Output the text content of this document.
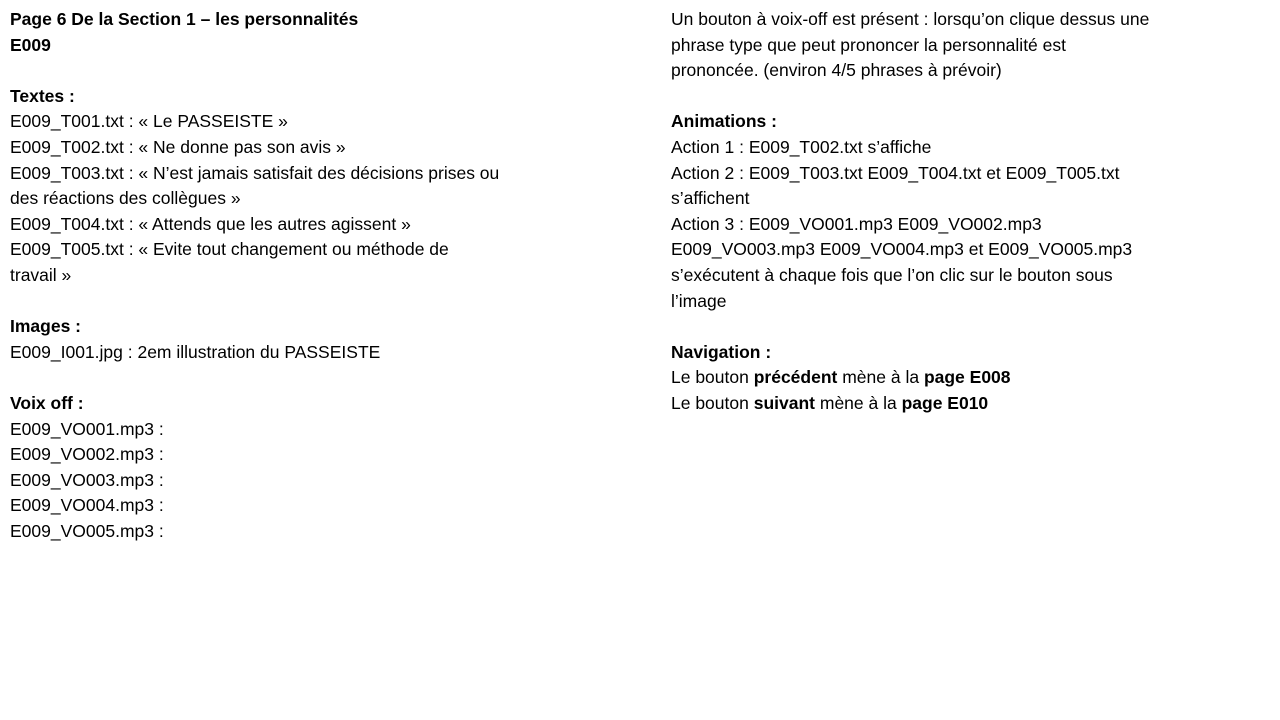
Page 6 De la Section 1 – les personnalités
E009
Textes :
E009_T001.txt : « Le PASSEISTE »
E009_T002.txt : « Ne donne pas son avis »
E009_T003.txt : « N’est jamais satisfait des décisions prises ou
des réactions des collègues »
E009_T004.txt : « Attends que les autres agissent »
E009_T005.txt : « Evite tout changement ou méthode de
travail »
Images :
E009_I001.jpg : 2em illustration du PASSEISTE
Voix off :
E009_VO001.mp3 :
E009_VO002.mp3 :
E009_VO003.mp3 :
E009_VO004.mp3 :
E009_VO005.mp3 :
Un bouton à voix-off est présent : lorsqu’on clique dessus une
phrase type que peut prononcer la personnalité est
prononcée. (environ 4/5 phrases à prévoir)
Animations :
Action 1 : E009_T002.txt s’affiche
Action 2 : E009_T003.txt E009_T004.txt et E009_T005.txt
s’affichent
Action 3 : E009_VO001.mp3 E009_VO002.mp3
E009_VO003.mp3 E009_VO004.mp3 et E009_VO005.mp3
s’exécutent à chaque fois que l’on clic sur le bouton sous
l’image
Navigation :
Le bouton précédent mène à la page E008
Le bouton suivant mène à la page E010
